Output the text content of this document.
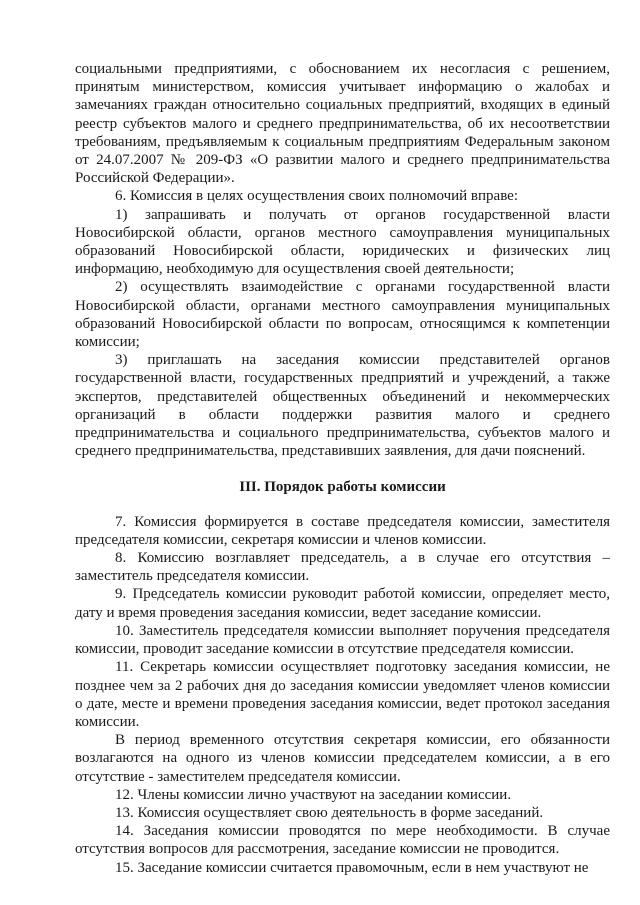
социальными предприятиями, с обоснованием их несогласия с решением, принятым министерством, комиссия учитывает информацию о жалобах и замечаниях граждан относительно социальных предприятий, входящих в единый реестр субъектов малого и среднего предпринимательства, об их несоответствии требованиям, предъявляемым к социальным предприятиям Федеральным законом от 24.07.2007 № 209-ФЗ «О развитии малого и среднего предпринимательства Российской Федерации».

6. Комиссия в целях осуществления своих полномочий вправе:

1) запрашивать и получать от органов государственной власти Новосибирской области, органов местного самоуправления муниципальных образований Новосибирской области, юридических и физических лиц информацию, необходимую для осуществления своей деятельности;

2) осуществлять взаимодействие с органами государственной власти Новосибирской области, органами местного самоуправления муниципальных образований Новосибирской области по вопросам, относящимся к компетенции комиссии;

3) приглашать на заседания комиссии представителей органов государственной власти, государственных предприятий и учреждений, а также экспертов, представителей общественных объединений и некоммерческих организаций в области поддержки развития малого и среднего предпринимательства и социального предпринимательства, субъектов малого и среднего предпринимательства, представивших заявления, для дачи пояснений.

III. Порядок работы комиссии

7. Комиссия формируется в составе председателя комиссии, заместителя председателя комиссии, секретаря комиссии и членов комиссии.

8. Комиссию возглавляет председатель, а в случае его отсутствия – заместитель председателя комиссии.

9. Председатель комиссии руководит работой комиссии, определяет место, дату и время проведения заседания комиссии, ведет заседание комиссии.

10. Заместитель председателя комиссии выполняет поручения председателя комиссии, проводит заседание комиссии в отсутствие председателя комиссии.

11. Секретарь комиссии осуществляет подготовку заседания комиссии, не позднее чем за 2 рабочих дня до заседания комиссии уведомляет членов комиссии о дате, месте и времени проведения заседания комиссии, ведет протокол заседания комиссии.

В период временного отсутствия секретаря комиссии, его обязанности возлагаются на одного из членов комиссии председателем комиссии, а в его отсутствие - заместителем председателя комиссии.

12. Члены комиссии лично участвуют на заседании комиссии.

13. Комиссия осуществляет свою деятельность в форме заседаний.

14. Заседания комиссии проводятся по мере необходимости. В случае отсутствия вопросов для рассмотрения, заседание комиссии не проводится.

15. Заседание комиссии считается правомочным, если в нем участвуют не
